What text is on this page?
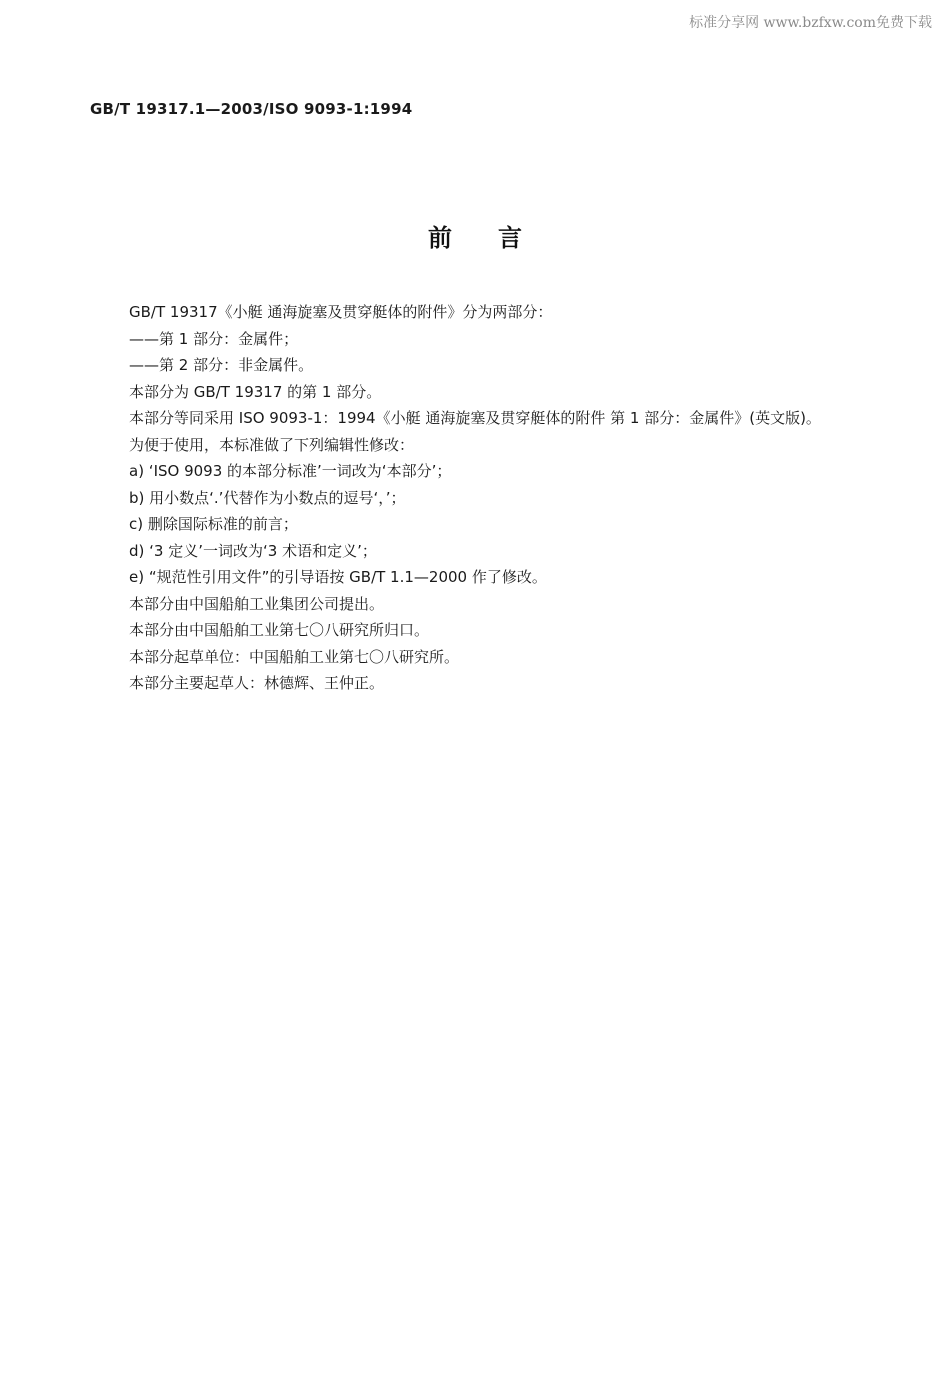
标准分享网 www.bzfxw.com免费下载
GB/T 19317.1—2003/ISO 9093-1:1994
前言

GB/T 19317《小艇 通海旋塞及贯穿艇体的附件》分为两部分：

——第 1 部分：金属件；

——第 2 部分：非金属件。

本部分为 GB/T 19317 的第 1 部分。

本部分等同采用 ISO 9093-1：1994《小艇 通海旋塞及贯穿艇体的附件 第 1 部分：金属件》(英文版)。

为便于使用，本标准做了下列编辑性修改：

a) ‘ISO 9093 的本部分标准’一词改为‘本部分’；

b) 用小数点‘.’代替作为小数点的逗号‘，’；

c) 删除国际标准的前言；

d) ‘3 定义’一词改为‘3 术语和定义’；

e) “规范性引用文件”的引导语按 GB/T 1.1—2000 作了修改。

本部分由中国船舶工业集团公司提出。

本部分由中国船舶工业第七〇八研究所归口。

本部分起草单位：中国船舶工业第七〇八研究所。

本部分主要起草人：林德辉、王仲正。
